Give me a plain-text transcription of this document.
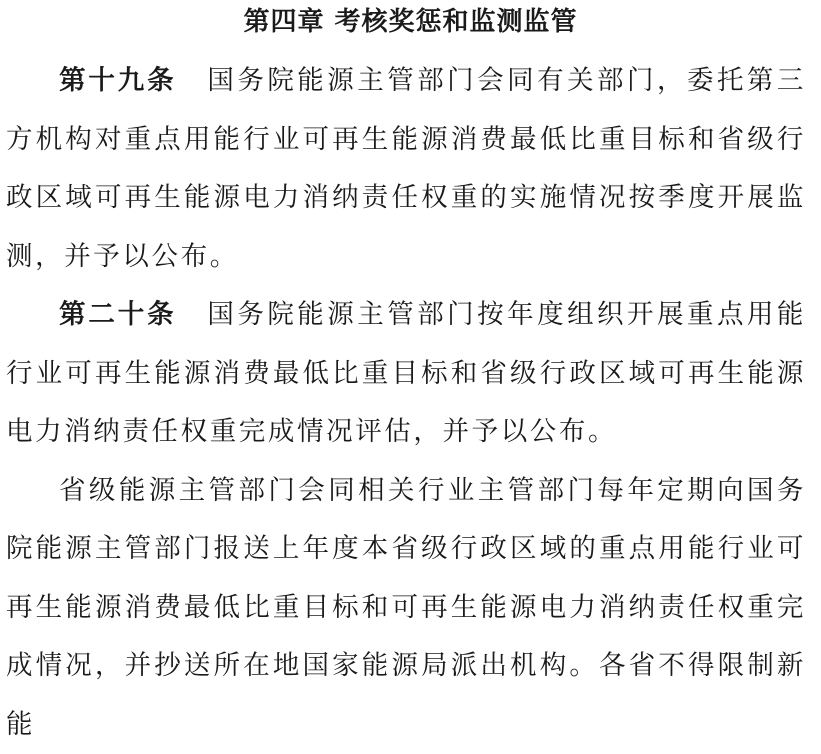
第四章 考核奖惩和监测监管

第十九条 国务院能源主管部门会同有关部门，委托第三方机构对重点用能行业可再生能源消费最低比重目标和省级行政区域可再生能源电力消纳责任权重的实施情况按季度开展监测，并予以公布。

第二十条 国务院能源主管部门按年度组织开展重点用能行业可再生能源消费最低比重目标和省级行政区域可再生能源电力消纳责任权重完成情况评估，并予以公布。

省级能源主管部门会同相关行业主管部门每年定期向国务院能源主管部门报送上年度本省级行政区域的重点用能行业可再生能源消费最低比重目标和可再生能源电力消纳责任权重完成情况，并抄送所在地国家能源局派出机构。各省不得限制新能
